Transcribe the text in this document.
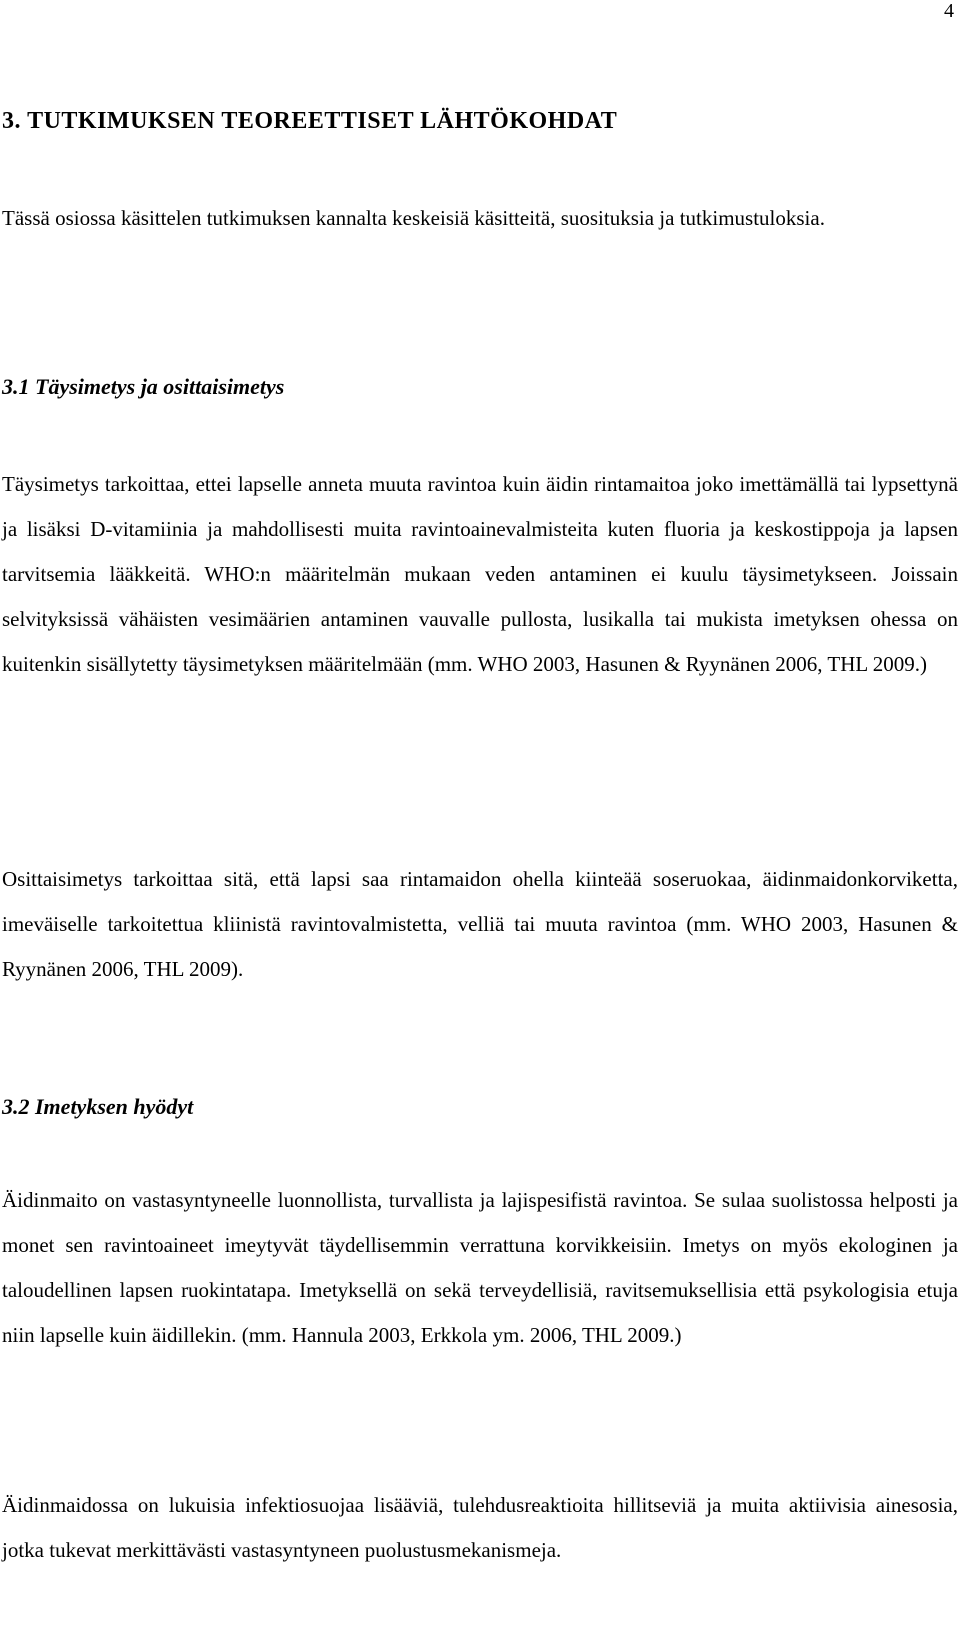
4
3. TUTKIMUKSEN TEOREETTISET LÄHTÖKOHDAT
Tässä osiossa käsittelen tutkimuksen kannalta keskeisiä käsitteitä, suosituksia ja tutkimustuloksia.
3.1 Täysimetys ja osittaisimetys
Täysimetys tarkoittaa, ettei lapselle anneta muuta ravintoa kuin äidin rintamaitoa joko imettämällä tai lypsettynä ja lisäksi D-vitamiinia ja mahdollisesti muita ravintoainevalmisteita kuten fluoria ja keskostippoja ja lapsen tarvitsemia lääkkeitä. WHO:n määritelmän mukaan veden antaminen ei kuulu täysimetykseen. Joissain selvityksissä vähäisten vesimäärien antaminen vauvalle pullosta, lusikalla tai mukista imetyksen ohessa on kuitenkin sisällytetty täysimetyksen määritelmään (mm. WHO 2003, Hasunen & Ryynänen 2006, THL 2009.)
Osittaisimetys tarkoittaa sitä, että lapsi saa rintamaidon ohella kiinteää soseruokaa, äidinmaidonkorviketta, imeväiselle tarkoitettua kliinistä ravintovalmistetta, velliä tai muuta ravintoa (mm. WHO 2003, Hasunen & Ryynänen 2006, THL 2009).
3.2 Imetyksen hyödyt
Äidinmaito on vastasyntyneelle luonnollista, turvallista ja lajispesifistä ravintoa. Se sulaa suolistossa helposti ja monet sen ravintoaineet imeytyvät täydellisemmin verrattuna korvikkeisiin. Imetys on myös ekologinen ja taloudellinen lapsen ruokintatapa. Imetyksellä on sekä terveydellisiä, ravitsemuksellisia että psykologisia etuja niin lapselle kuin äidillekin. (mm. Hannula 2003, Erkkola ym. 2006, THL 2009.)
Äidinmaidossa on lukuisia infektiosuojaa lisääviä, tulehdusreaktioita hillitseviä ja muita aktiivisia ainesosia, jotka tukevat merkittävästi vastasyntyneen puolustusmekanismeja.
